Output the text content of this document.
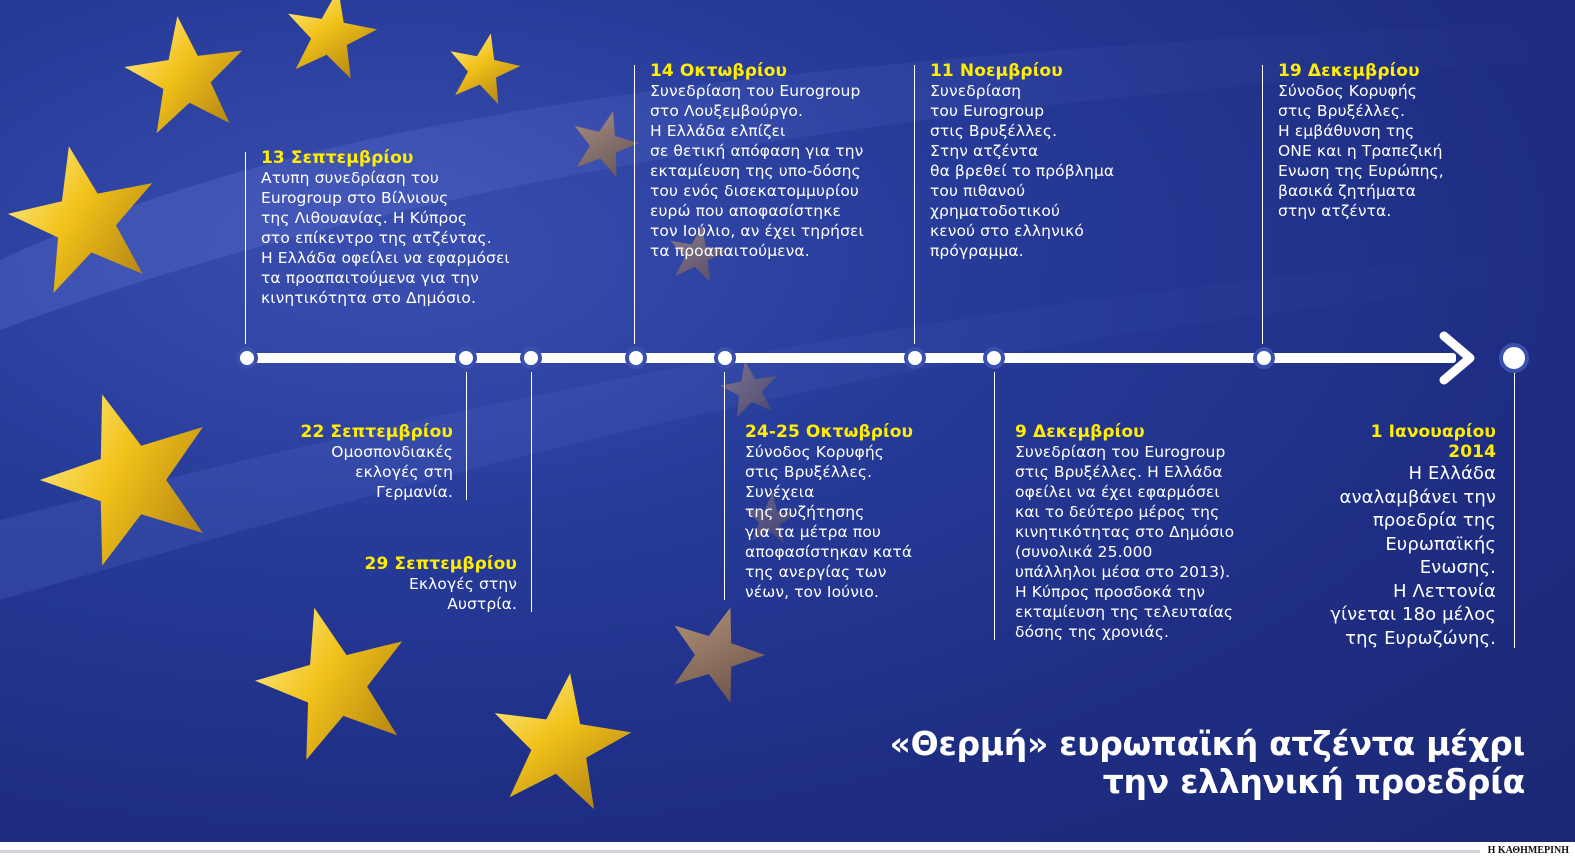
13 Σεπτεμβρίου
Ατυπη συνεδρίαση του
Eurogroup στο Βίλνιους
της Λιθουανίας. Η Κύπρος
στο επίκεντρο της ατζέντας.
Η Ελλάδα οφείλει να εφαρμόσει
τα προαπαιτούμενα για την
κινητικότητα στο Δημόσιο.
14 Οκτωβρίου
Συνεδρίαση του Eurogroup
στο Λουξεμβούργο.
Η Ελλάδα ελπίζει
σε θετική απόφαση για την
εκταμίευση της υπο-δόσης
του ενός δισεκατομμυρίου
ευρώ που αποφασίστηκε
τον Ιούλιο, αν έχει τηρήσει
τα προαπαιτούμενα.
11 Νοεμβρίου
Συνεδρίαση
του Eurogroup
στις Βρυξέλλες.
Στην ατζέντα
θα βρεθεί το πρόβλημα
του πιθανού
χρηματοδοτικού
κενού στο ελληνικό
πρόγραμμα.
19 Δεκεμβρίου
Σύνοδος Κορυφής
στις Βρυξέλλες.
Η εμβάθυνση της
ΟΝΕ και η Τραπεζική
Ενωση της Ευρώπης,
βασικά ζητήματα
στην ατζέντα.
22 Σεπτεμβρίου
Ομοσπονδιακές
εκλογές στη
Γερμανία.
29 Σεπτεμβρίου
Εκλογές στην
Αυστρία.
24-25 Οκτωβρίου
Σύνοδος Κορυφής
στις Βρυξέλλες.
Συνέχεια
της συζήτησης
για τα μέτρα που
αποφασίστηκαν κατά
της ανεργίας των
νέων, τον Ιούνιο.
9 Δεκεμβρίου
Συνεδρίαση του Eurogroup
στις Βρυξέλλες. Η Ελλάδα
οφείλει να έχει εφαρμόσει
και το δεύτερο μέρος της
κινητικότητας στο Δημόσιο
(συνολικά 25.000
υπάλληλοι μέσα στο 2013).
Η Κύπρος προσδοκά την
εκταμίευση της τελευταίας
δόσης της χρονιάς.
1 Ιανουαρίου
2014
Η Ελλάδα
αναλαμβάνει την
προεδρία της
Ευρωπαϊκής
Ενωσης.
Η Λεττονία
γίνεται 18ο μέλος
της Ευρωζώνης.
«Θερμή» ευρωπαϊκή ατζέντα μέχρι
την ελληνική προεδρία
Η ΚΑΘΗΜΕΡΙΝΗ
